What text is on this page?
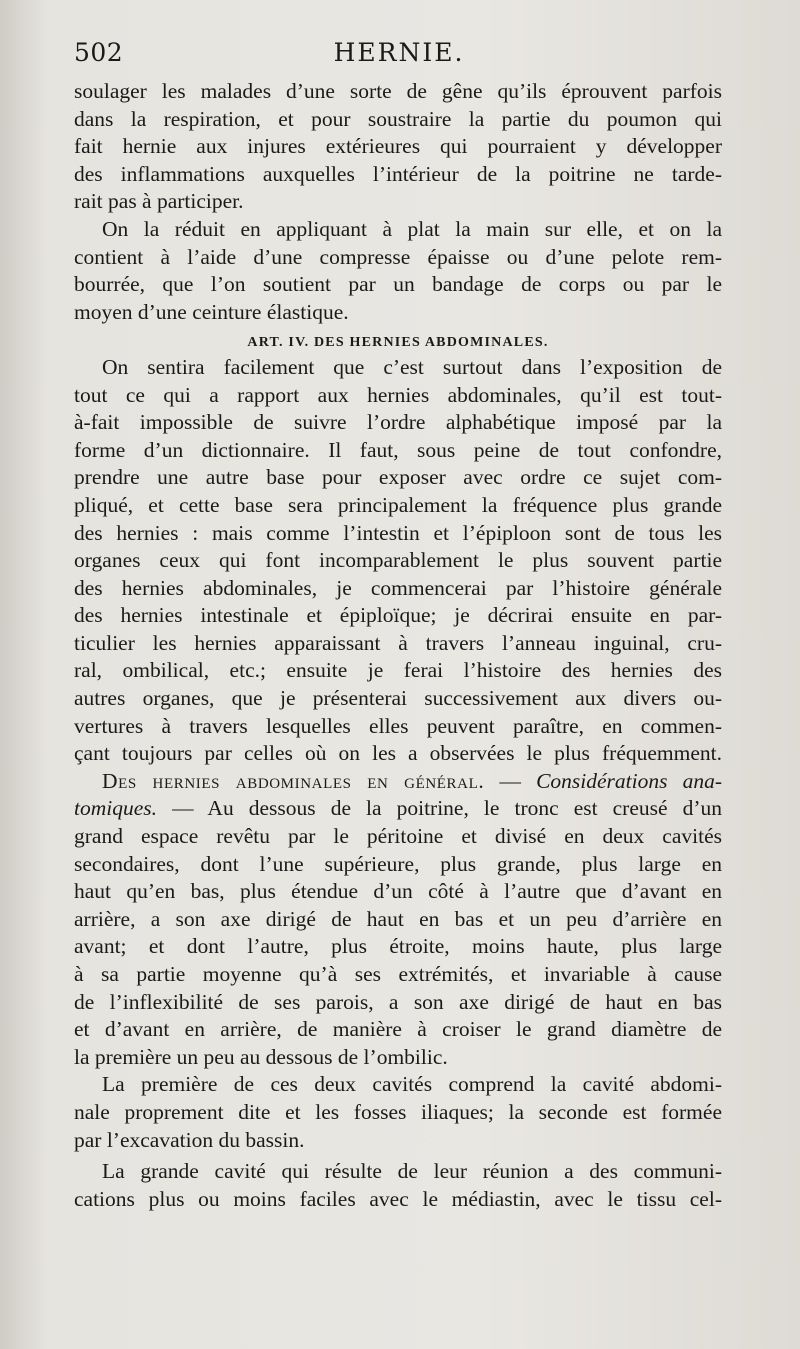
502	HERNIE.
soulager les malades d’une sorte de gêne qu’ils éprouvent parfois
dans la respiration, et pour soustraire la partie du poumon qui
fait hernie aux injures extérieures qui pourraient y développer
des inflammations auxquelles l’intérieur de la poitrine ne tarde-
rait pas à participer.
On la réduit en appliquant à plat la main sur elle, et on la
contient à l’aide d’une compresse épaisse ou d’une pelote rem-
bourrée, que l’on soutient par un bandage de corps ou par le
moyen d’une ceinture élastique.
ART. IV. DES HERNIES ABDOMINALES.
On sentira facilement que c’est surtout dans l’exposition de
tout ce qui a rapport aux hernies abdominales, qu’il est tout-
à-fait impossible de suivre l’ordre alphabétique imposé par la
forme d’un dictionnaire. Il faut, sous peine de tout confondre,
prendre une autre base pour exposer avec ordre ce sujet com-
pliqué, et cette base sera principalement la fréquence plus grande
des hernies : mais comme l’intestin et l’épiploon sont de tous les
organes ceux qui font incomparablement le plus souvent partie
des hernies abdominales, je commencerai par l’histoire générale
des hernies intestinale et épiploïque; je décrirai ensuite en par-
ticulier les hernies apparaissant à travers l’anneau inguinal, cru-
ral, ombilical, etc.; ensuite je ferai l’histoire des hernies des
autres organes, que je présenterai successivement aux divers ou-
vertures à travers lesquelles elles peuvent paraître, en commen-
çant toujours par celles où on les a observées le plus fréquemment.
Des hernies abdominales en général. — Considérations ana-
tomiques. — Au dessous de la poitrine, le tronc est creusé d’un
grand espace revêtu par le péritoine et divisé en deux cavités
secondaires, dont l’une supérieure, plus grande, plus large en
haut qu’en bas, plus étendue d’un côté à l’autre que d’avant en
arrière, a son axe dirigé de haut en bas et un peu d’arrière en
avant; et dont l’autre, plus étroite, moins haute, plus large
à sa partie moyenne qu’à ses extrémités, et invariable à cause
de l’inflexibilité de ses parois, a son axe dirigé de haut en bas
et d’avant en arrière, de manière à croiser le grand diamètre de
la première un peu au dessous de l’ombilic.
La première de ces deux cavités comprend la cavité abdomi-
nale proprement dite et les fosses iliaques; la seconde est formée
par l’excavation du bassin.
La grande cavité qui résulte de leur réunion a des communi-
cations plus ou moins faciles avec le médiastin, avec le tissu cel-
